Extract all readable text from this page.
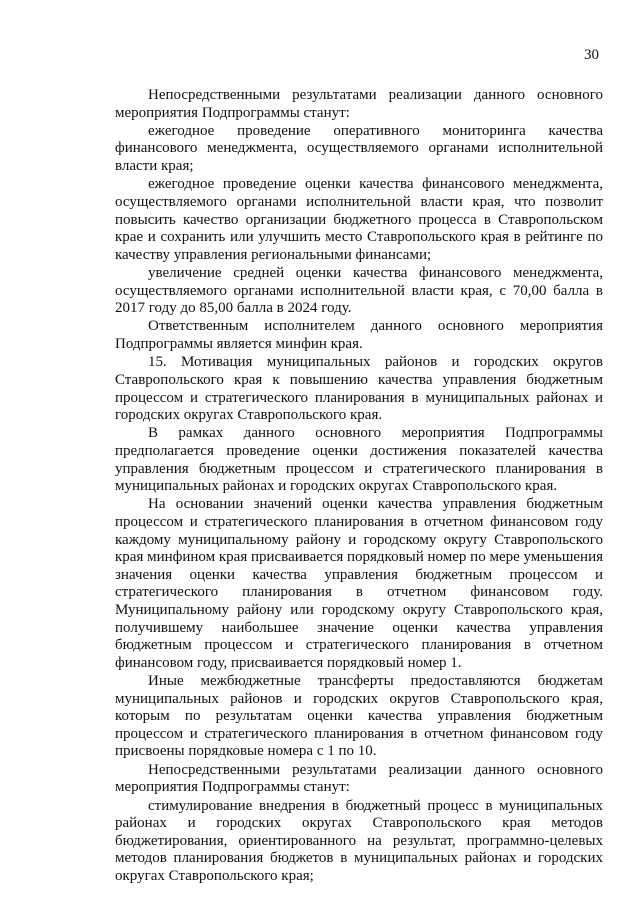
30

Непосредственными результатами реализации данного основного мероприятия Подпрограммы станут:

ежегодное проведение оперативного мониторинга качества финансового менеджмента, осуществляемого органами исполнительной власти края;

ежегодное проведение оценки качества финансового менеджмента, осуществляемого органами исполнительной власти края, что позволит повысить качество организации бюджетного процесса в Ставропольском крае и сохранить или улучшить место Ставропольского края в рейтинге по качеству управления региональными финансами;

увеличение средней оценки качества финансового менеджмента, осуществляемого органами исполнительной власти края, с 70,00 балла в 2017 году до 85,00 балла в 2024 году.

Ответственным исполнителем данного основного мероприятия Подпрограммы является минфин края.

15. Мотивация муниципальных районов и городских округов Ставропольского края к повышению качества управления бюджетным процессом и стратегического планирования в муниципальных районах и городских округах Ставропольского края.

В рамках данного основного мероприятия Подпрограммы предполагается проведение оценки достижения показателей качества управления бюджетным процессом и стратегического планирования в муниципальных районах и городских округах Ставропольского края.

На основании значений оценки качества управления бюджетным процессом и стратегического планирования в отчетном финансовом году каждому муниципальному району и городскому округу Ставропольского края минфином края присваивается порядковый номер по мере уменьшения значения оценки качества управления бюджетным процессом и стратегического планирования в отчетном финансовом году. Муниципальному району или городскому округу Ставропольского края, получившему наибольшее значение оценки качества управления бюджетным процессом и стратегического планирования в отчетном финансовом году, присваивается порядковый номер 1.

Иные межбюджетные трансферты предоставляются бюджетам муниципальных районов и городских округов Ставропольского края, которым по результатам оценки качества управления бюджетным процессом и стратегического планирования в отчетном финансовом году присвоены порядковые номера с 1 по 10.

Непосредственными результатами реализации данного основного мероприятия Подпрограммы станут:

стимулирование внедрения в бюджетный процесс в муниципальных районах и городских округах Ставропольского края методов бюджетирования, ориентированного на результат, программно-целевых методов планирования бюджетов в муниципальных районах и городских округах Ставропольского края;
